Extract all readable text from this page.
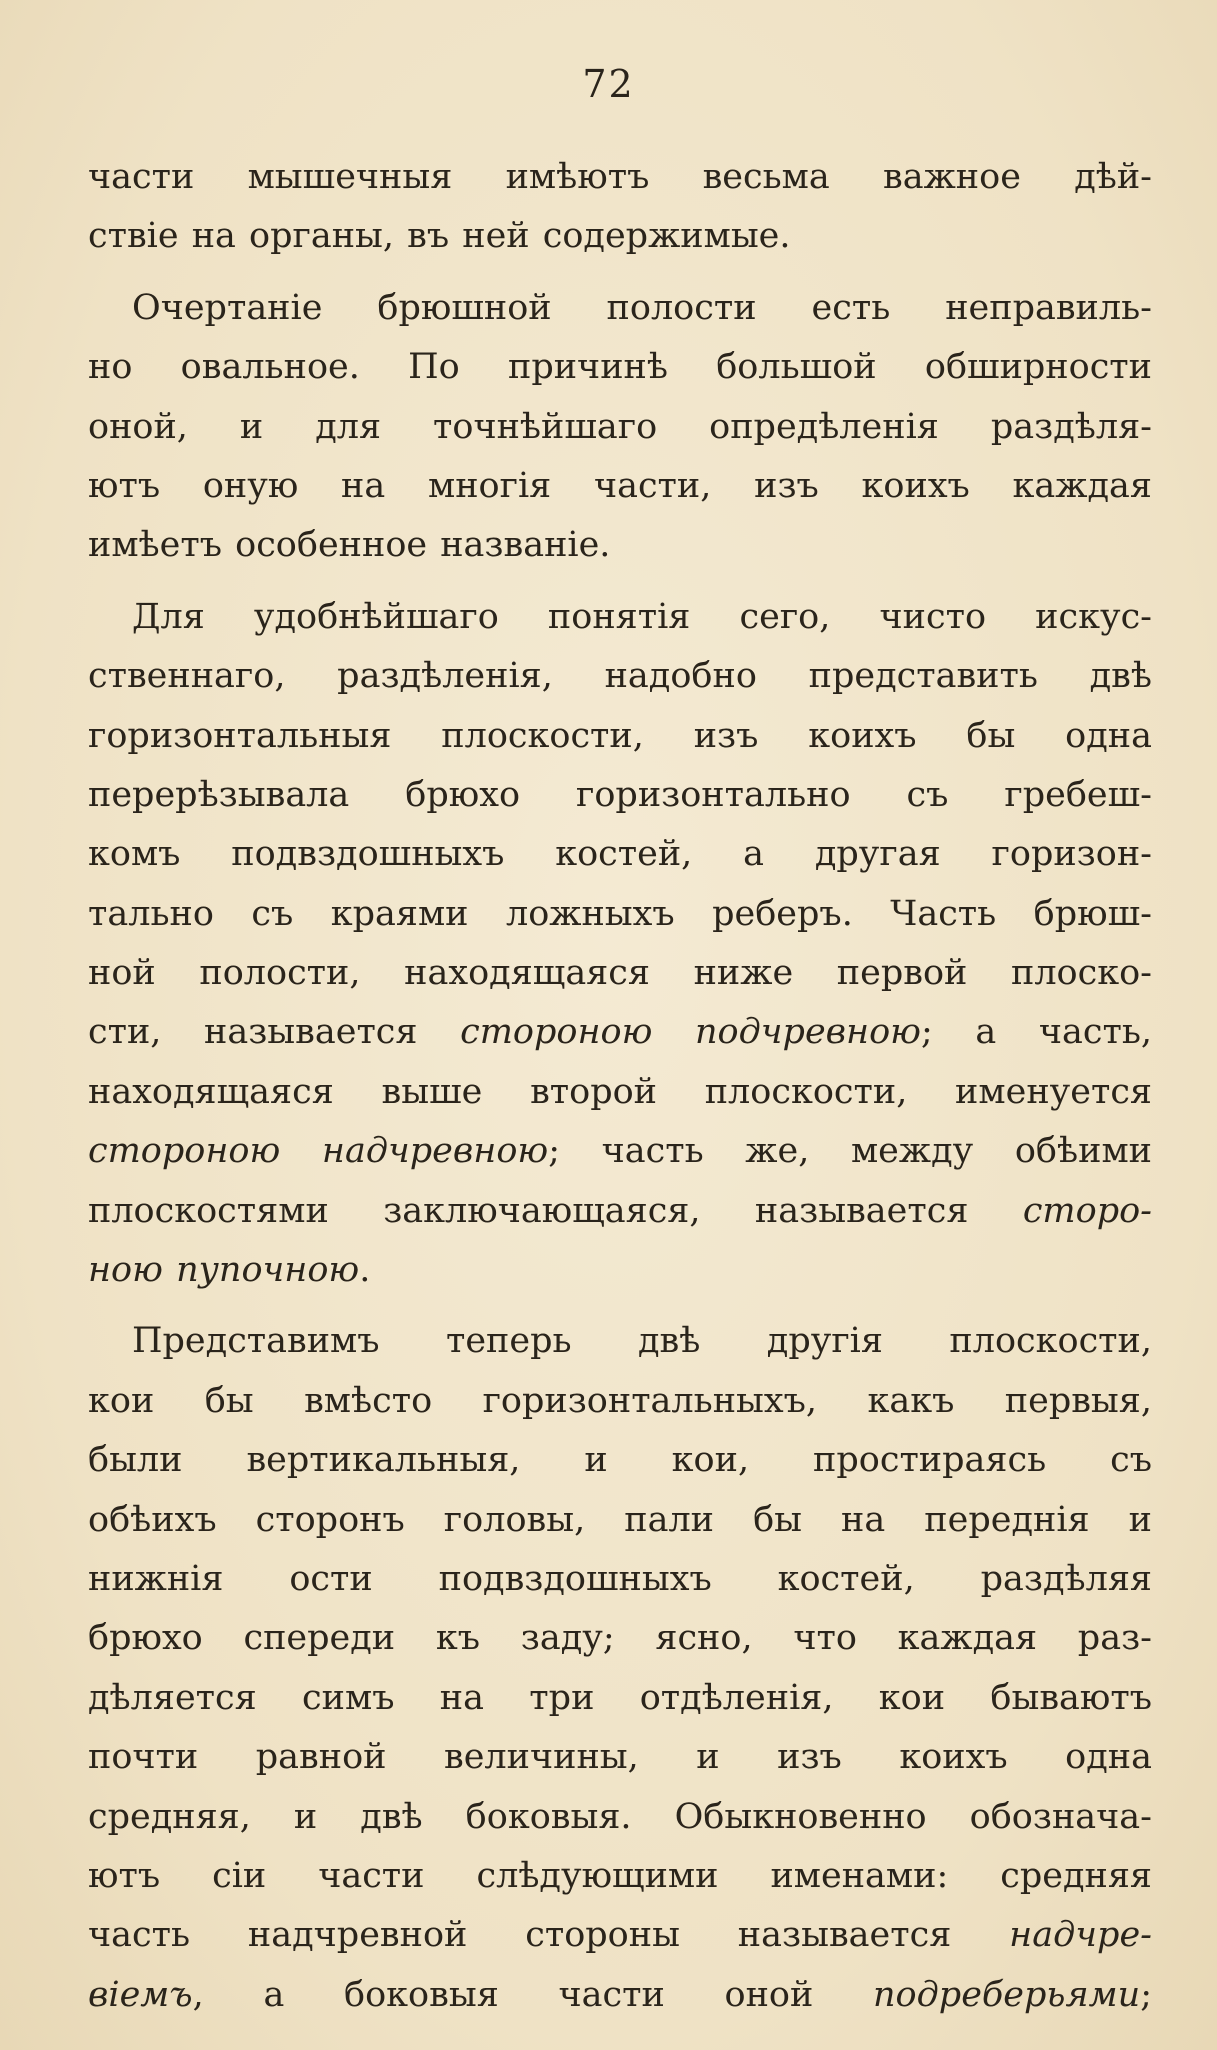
72
части мышечныя имѣютъ весьма важное дѣй-
ствіе на органы, въ ней содержимые.
Очертаніе брюшной полости есть неправиль-
но овальное. По причинѣ большой обширности
оной, и для точнѣйшаго опредѣленія раздѣля-
ютъ оную на многія части, изъ коихъ каждая
имѣетъ особенное названіе.
Для удобнѣйшаго понятія сего, чисто искус-
ственнаго, раздѣленія, надобно представить двѣ
горизонтальныя плоскости, изъ коихъ бы одна
перерѣзывала брюхо горизонтально съ гребеш-
комъ подвздошныхъ костей, а другая горизон-
тально съ краями ложныхъ реберъ. Часть брюш-
ной полости, находящаяся ниже первой плоско-
сти, называется стороною подчревною; а часть,
находящаяся выше второй плоскости, именуется
стороною надчревною; часть же, между обѣими
плоскостями заключающаяся, называется сторо-
ною пупочною.
Представимъ теперь двѣ другія плоскости,
кои бы вмѣсто горизонтальныхъ, какъ первыя,
были вертикальныя, и кои, простираясь съ
обѣихъ сторонъ головы, пали бы на переднія и
нижнія ости подвздошныхъ костей, раздѣляя
брюхо спереди къ заду; ясно, что каждая раз-
дѣляется симъ на три отдѣленія, кои бываютъ
почти равной величины, и изъ коихъ одна
средняя, и двѣ боковыя. Обыкновенно обознача-
ютъ сіи части слѣдующими именами: средняя
часть надчревной стороны называется надчре-
віемъ, а боковыя части оной подреберьями;
